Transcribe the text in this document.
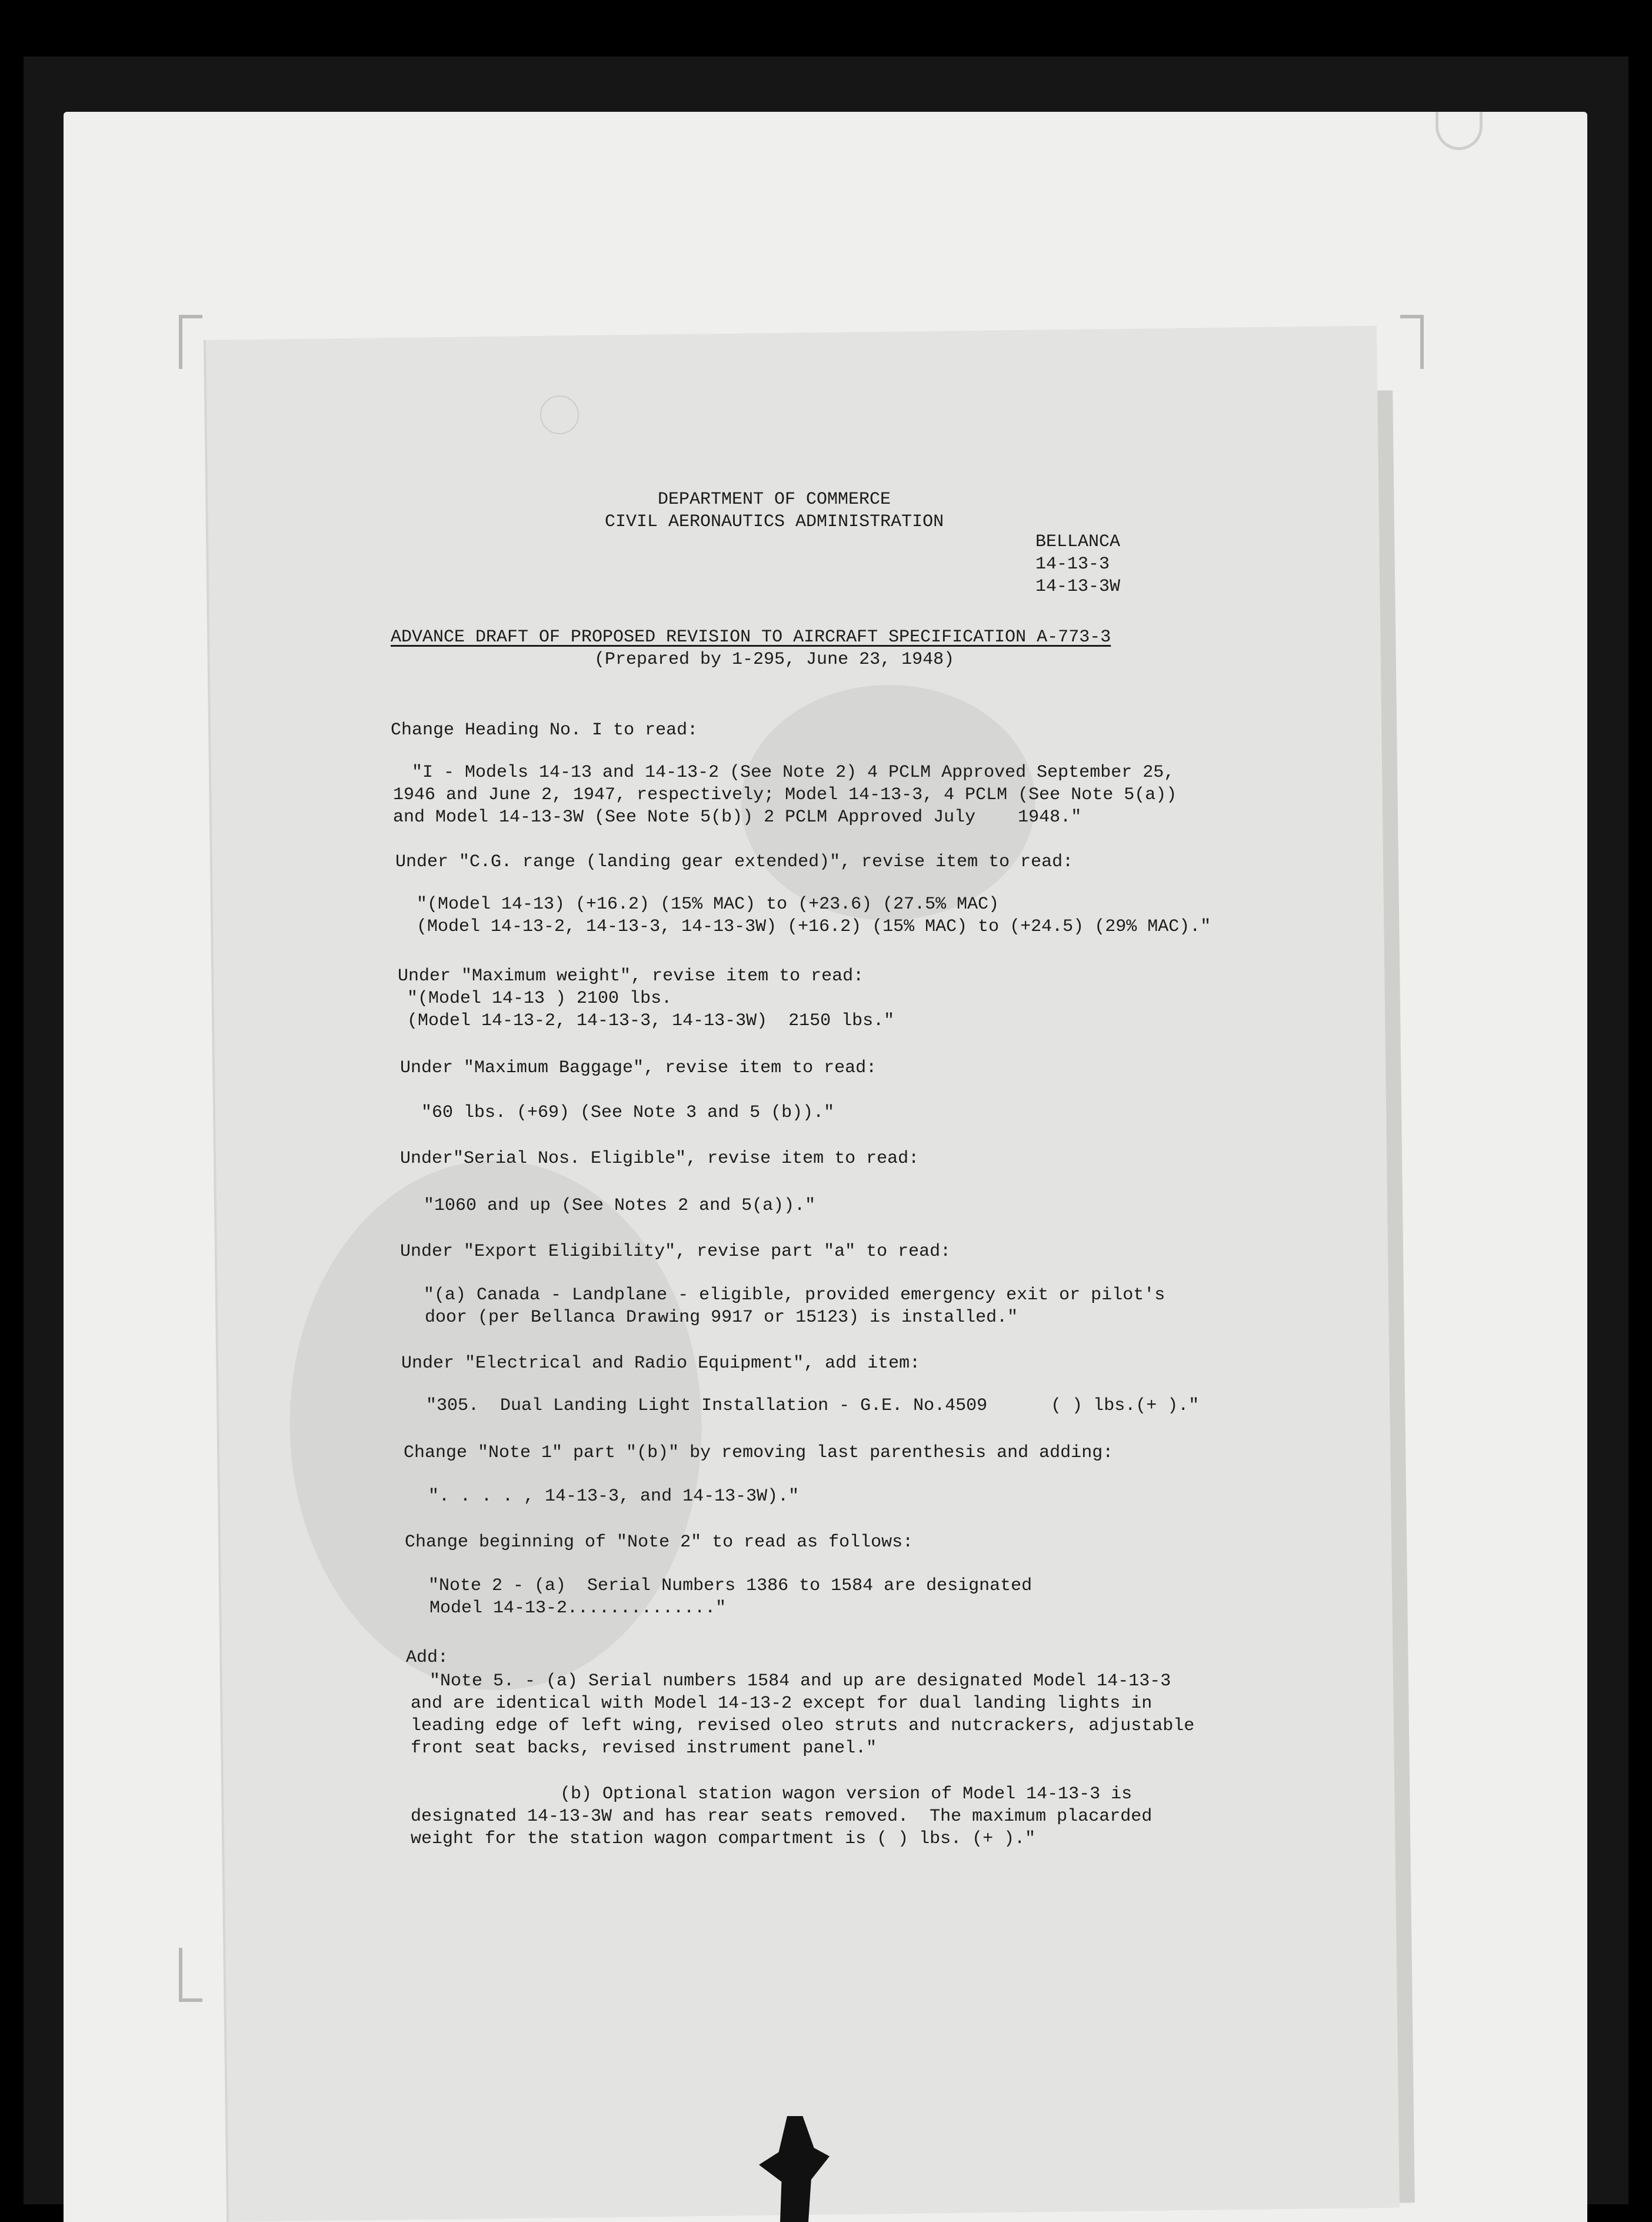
DEPARTMENT OF COMMERCE
CIVIL AERONAUTICS ADMINISTRATION
BELLANCA
14-13-3
14-13-3W
ADVANCE DRAFT OF PROPOSED REVISION TO AIRCRAFT SPECIFICATION A-773-3
(Prepared by 1-295, June 23, 1948)
Change Heading No. I to read:
"I - Models 14-13 and 14-13-2 (See Note 2) 4 PCLM Approved September 25,
1946 and June 2, 1947, respectively; Model 14-13-3, 4 PCLM (See Note 5(a))
and Model 14-13-3W (See Note 5(b)) 2 PCLM Approved July    1948."
Under "C.G. range (landing gear extended)", revise item to read:
"(Model 14-13) (+16.2) (15% MAC) to (+23.6) (27.5% MAC)
(Model 14-13-2, 14-13-3, 14-13-3W) (+16.2) (15% MAC) to (+24.5) (29% MAC)."
Under "Maximum weight", revise item to read:
"(Model 14-13 ) 2100 lbs.
(Model 14-13-2, 14-13-3, 14-13-3W)  2150 lbs."
Under "Maximum Baggage", revise item to read:
"60 lbs. (+69) (See Note 3 and 5 (b))."
Under"Serial Nos. Eligible", revise item to read:
"1060 and up (See Notes 2 and 5(a))."
Under "Export Eligibility", revise part "a" to read:
"(a) Canada - Landplane - eligible, provided emergency exit or pilot's
door (per Bellanca Drawing 9917 or 15123) is installed."
Under "Electrical and Radio Equipment", add item:
"305.  Dual Landing Light Installation - G.E. No.4509      ( ) lbs.(+ )."
Change "Note 1" part "(b)" by removing last parenthesis and adding:
". . . . , 14-13-3, and 14-13-3W)."
Change beginning of "Note 2" to read as follows:
"Note 2 - (a)  Serial Numbers 1386 to 1584 are designated
Model 14-13-2.............."
Add:
"Note 5. - (a) Serial numbers 1584 and up are designated Model 14-13-3
and are identical with Model 14-13-2 except for dual landing lights in
leading edge of left wing, revised oleo struts and nutcrackers, adjustable
front seat backs, revised instrument panel."
(b) Optional station wagon version of Model 14-13-3 is
designated 14-13-3W and has rear seats removed.  The maximum placarded
weight for the station wagon compartment is ( ) lbs. (+ )."
